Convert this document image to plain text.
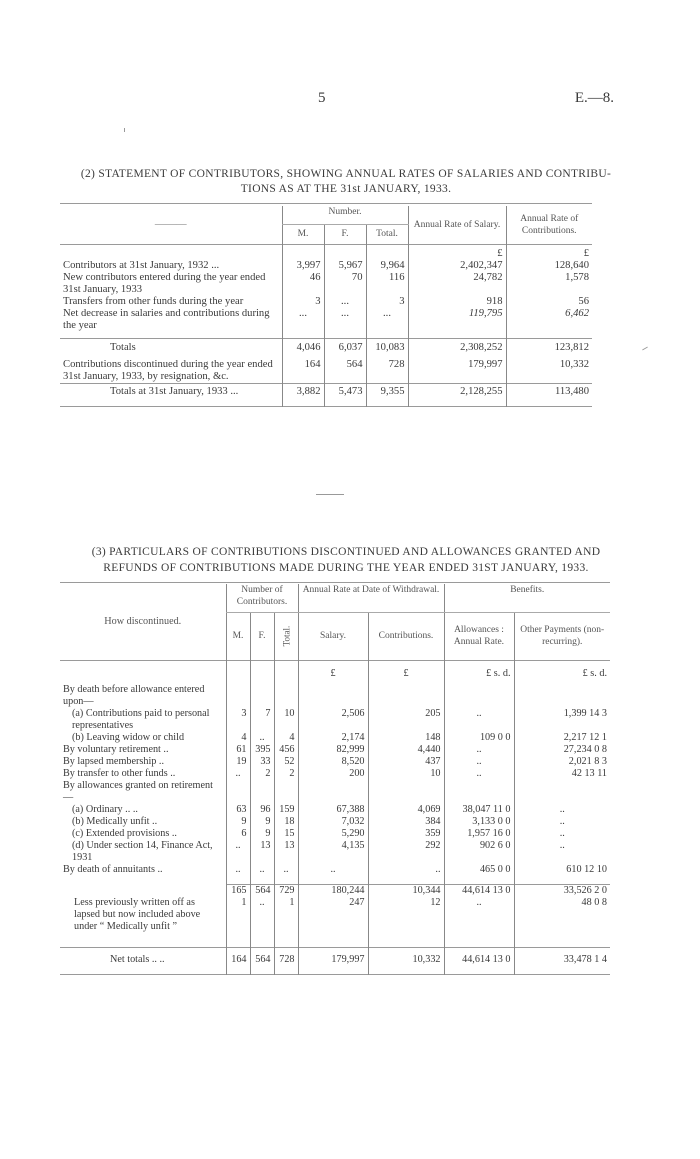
5	E.—8.
(2) STATEMENT OF CONTRIBUTORS, SHOWING ANNUAL RATES OF SALARIES AND CONTRIBU-
TIONS AS AT THE 31st JANUARY, 1933.
———	Number.			Annual Rate of Salary.	Annual Rate of Contributions.
	M.	F.	Total.		
				£	£
Contributors at 31st January, 1932 ...	3,997	5,967	9,964	2,402,347	128,640
New contributors entered during the year ended 31st January, 1933	46	70	116	24,782	1,578
Transfers from other funds during the year	3	...	3	918	56
Net decrease in salaries and contributions during the year	...	...	...	119,795	6,462

Totals	4,046	6,037	10,083	2,308,252	123,812
Contributions discontinued during the year ended 31st January, 1933, by resignation, &c.	164	564	728	179,997	10,332
Totals at 31st January, 1933 ...	3,882	5,473	9,355	2,128,255	113,480

(3) PARTICULARS OF CONTRIBUTIONS DISCONTINUED AND ALLOWANCES GRANTED AND
REFUNDS OF CONTRIBUTIONS MADE DURING THE YEAR ENDED 31ST JANUARY, 1933.
How discontinued.	Number of Contributors.			Annual Rate at Date of Withdrawal.		Benefits.	
	M.	F.	Total.	Salary.	Contributions.	Allowances : Annual Rate.	Other Payments (non-recurring).
				£	£	£ s. d.	£ s. d.
By death before allowance entered upon—							
(a) Contributions paid to personal representatives	3	7	10	2,506	205	..	1,399 14 3
(b) Leaving widow or child	4	..	4	2,174	148	109 0 0	2,217 12 1
By voluntary retirement ..	61	395	456	82,999	4,440	..	27,234 0 8
By lapsed membership ..	19	33	52	8,520	437	..	2,021 8 3
By transfer to other funds ..	..	2	2	200	10	..	42 13 11
By allowances granted on retirement—							
(a) Ordinary .. ..	63	96	159	67,388	4,069	38,047 11 0	..
(b) Medically unfit ..	9	9	18	7,032	384	3,133 0 0	..
(c) Extended provisions ..	6	9	15	5,290	359	1,957 16 0	..
(d) Under section 14, Finance Act, 1931	..	13	13	4,135	292	902 6 0	..
By death of annuitants ..	..	..	..	..	..	465 0 0	610 12 10

	165	564	729	180,244	10,344	44,614 13 0	33,526 2 0
Less previously written off as lapsed but now included above under “ Medically unfit ”	1	..	1	247	12	..	48 0 8
Net totals .. ..	164	564	728	179,997	10,332	44,614 13 0	33,478 1 4
